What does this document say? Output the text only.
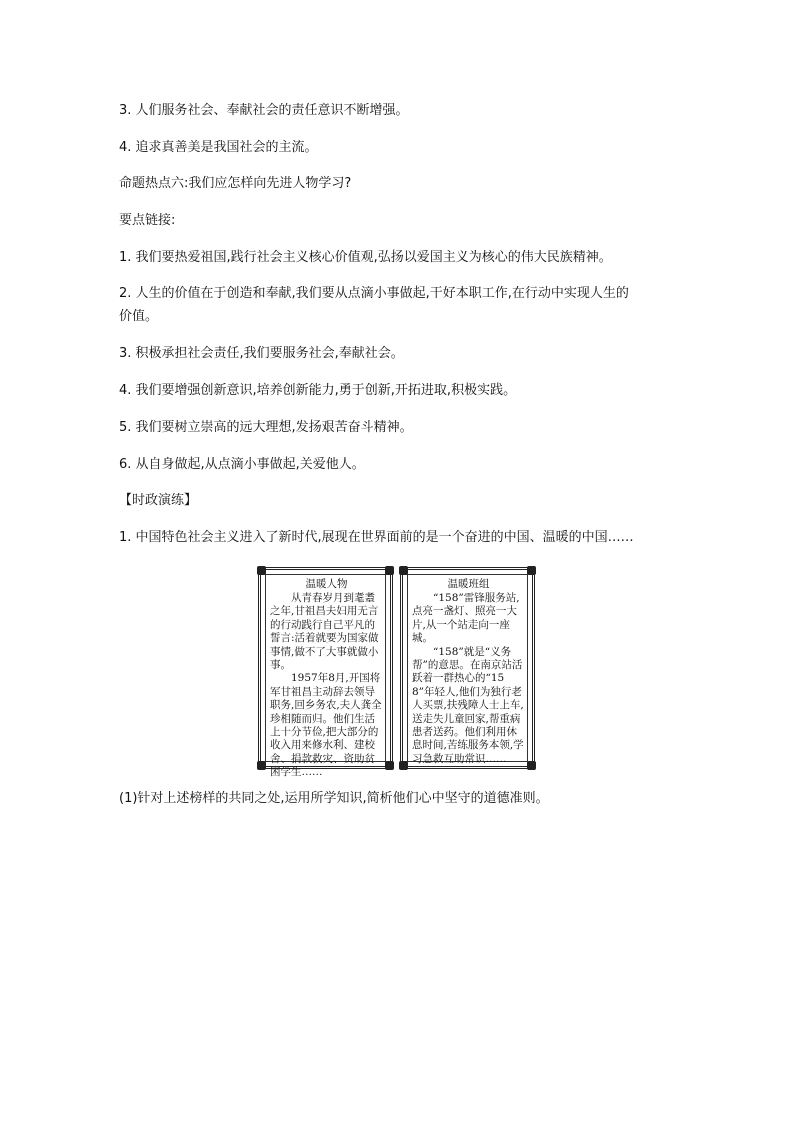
3. 人们服务社会、奉献社会的责任意识不断增强。
4. 追求真善美是我国社会的主流。
命题热点六:我们应怎样向先进人物学习?
要点链接:
1. 我们要热爱祖国,践行社会主义核心价值观,弘扬以爱国主义为核心的伟大民族精神。
2. 人生的价值在于创造和奉献,我们要从点滴小事做起,干好本职工作,在行动中实现人生的
价值。
3. 积极承担社会责任,我们要服务社会,奉献社会。
4. 我们要增强创新意识,培养创新能力,勇于创新,开拓进取,积极实践。
5. 我们要树立崇高的远大理想,发扬艰苦奋斗精神。
6. 从自身做起,从点滴小事做起,关爱他人。
【时政演练】
1. 中国特色社会主义进入了新时代,展现在世界面前的是一个奋进的中国、温暖的中国……
温暖人物

从青春岁月到耄耋之年,甘祖昌夫妇用无言的行动践行自己平凡的誓言:活着就要为国家做事情,做不了大事就做小事。

1957年8月,开国将军甘祖昌主动辞去领导职务,回乡务农,夫人龚全珍相随而归。他们生活上十分节俭,把大部分的收入用来修水利、建校舍、捐款救灾、资助贫困学生……

温暖班组

“158”雷锋服务站,点亮一盏灯、照亮一大片,从一个站走向一座城。

“158”就是“义务帮”的意思。在南京站活跃着一群热心的“158”年轻人,他们为独行老人买票,扶残障人士上车,送走失儿童回家,帮重病患者送药。他们利用休息时间,苦练服务本领,学习急救互助常识……

(1)针对上述榜样的共同之处,运用所学知识,简析他们心中坚守的道德准则。
